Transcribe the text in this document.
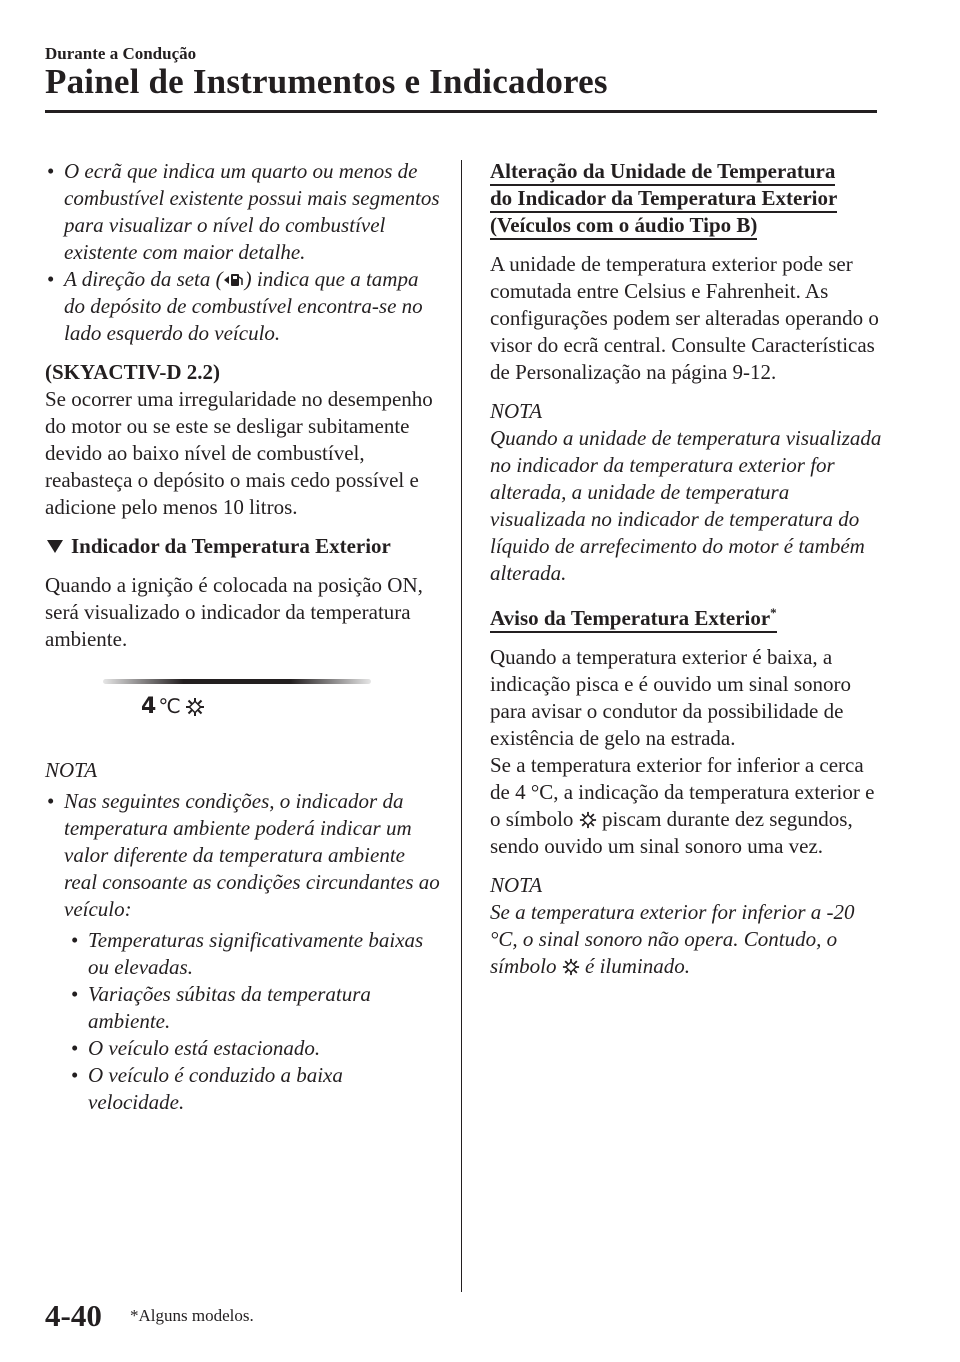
Durante a Condução
Painel de Instrumentos e Indicadores

• O ecrã que indica um quarto ou menos de combustível existente possui mais segmentos para visualizar o nível do combustível existente com maior detalhe.

• A direção da seta ( ) indica que a tampa do depósito de combustível encontra-se no lado esquerdo do veículo.

(SKYACTIV-D 2.2)

Se ocorrer uma irregularidade no desempenho do motor ou se este se desligar subitamente devido ao baixo nível de combustível, reabasteça o depósito o mais cedo possível e adicione pelo menos 10 litros.

Indicador da Temperatura Exterior

Quando a ignição é colocada na posição ON, será visualizado o indicador da temperatura ambiente.

4 ℃

NOTA

• Nas seguintes condições, o indicador da temperatura ambiente poderá indicar um valor diferente da temperatura ambiente real consoante as condições circundantes ao veículo:

• Temperaturas significativamente baixas ou elevadas.

• Variações súbitas da temperatura ambiente.

• O veículo está estacionado.

• O veículo é conduzido a baixa velocidade.

Alteração da Unidade de Temperatura
do Indicador da Temperatura Exterior
(Veículos com o áudio Tipo B)

A unidade de temperatura exterior pode ser comutada entre Celsius e Fahrenheit. As configurações podem ser alteradas operando o visor do ecrã central. Consulte Características de Personalização na página 9-12.

NOTA

Quando a unidade de temperatura visualizada no indicador da temperatura exterior for alterada, a unidade de temperatura visualizada no indicador de temperatura do líquido de arrefecimento do motor é também alterada.

Aviso da Temperatura Exterior*

Quando a temperatura exterior é baixa, a indicação pisca e é ouvido um sinal sonoro para avisar o condutor da possibilidade de existência de gelo na estrada.

Se a temperatura exterior for inferior a cerca de 4 °C, a indicação da temperatura exterior e o símbolo piscam durante dez segundos, sendo ouvido um sinal sonoro uma vez.

NOTA

Se a temperatura exterior for inferior a -20 °C, o sinal sonoro não opera. Contudo, o símbolo é iluminado.

4-40 *Alguns modelos.
